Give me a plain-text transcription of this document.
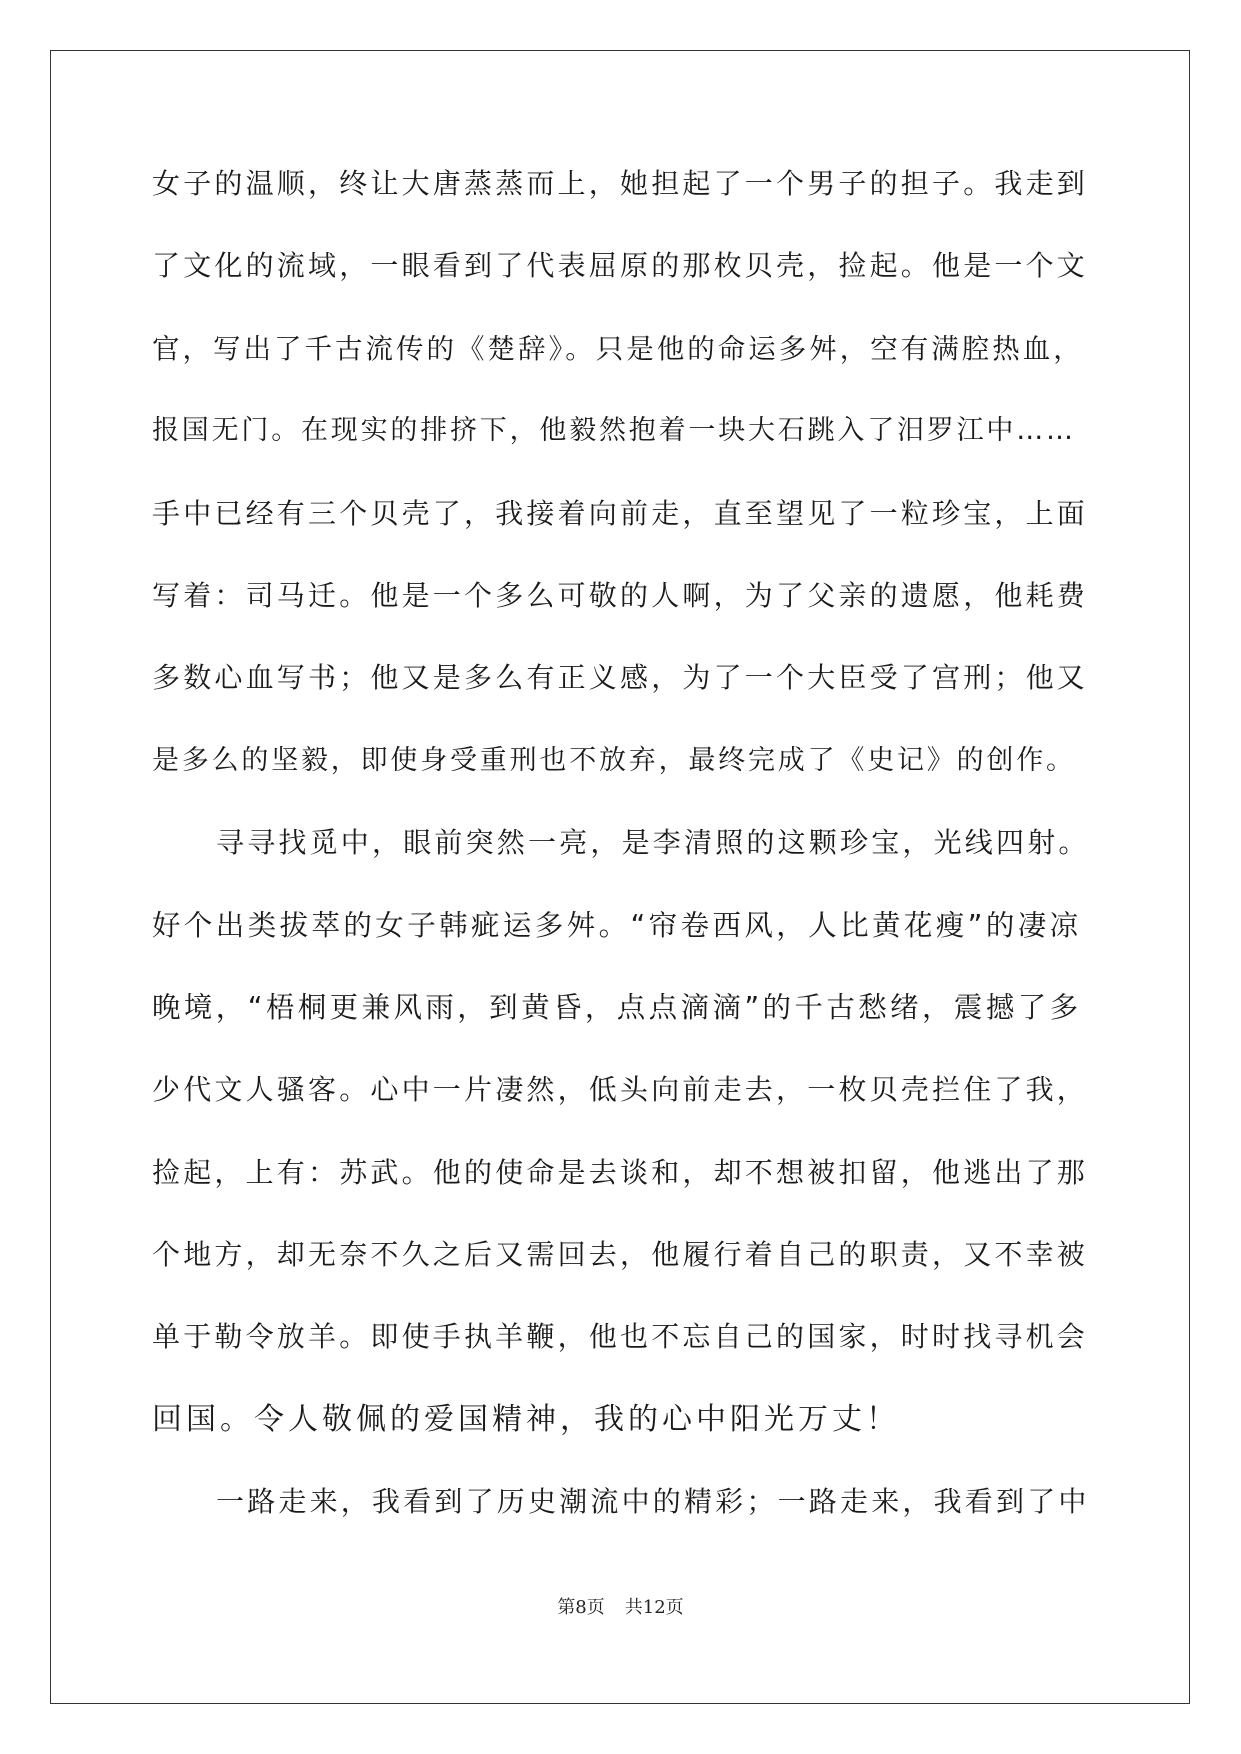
女子的温顺，终让大唐蒸蒸而上，她担起了一个男子的担子。我走到
了文化的流域，一眼看到了代表屈原的那枚贝壳，捡起。他是一个文
官，写出了千古流传的《楚辞》。只是他的命运多舛，空有满腔热血，
报国无门。在现实的排挤下，他毅然抱着一块大石跳入了汨罗江中……
手中已经有三个贝壳了，我接着向前走，直至望见了一粒珍宝，上面
写着：司马迁。他是一个多么可敬的人啊，为了父亲的遗愿，他耗费
多数心血写书；他又是多么有正义感，为了一个大臣受了宫刑；他又
是多么的坚毅，即使身受重刑也不放弃，最终完成了《史记》的创作。
寻寻找觅中，眼前突然一亮，是李清照的这颗珍宝，光线四射。
好个出类拔萃的女子韩疵运多舛。“帘卷西风，人比黄花瘦”的凄凉
晚境，“梧桐更兼风雨，到黄昏，点点滴滴”的千古愁绪，震撼了多
少代文人骚客。心中一片凄然，低头向前走去，一枚贝壳拦住了我，
捡起，上有：苏武。他的使命是去谈和，却不想被扣留，他逃出了那
个地方，却无奈不久之后又需回去，他履行着自己的职责，又不幸被
单于勒令放羊。即使手执羊鞭，他也不忘自己的国家，时时找寻机会
回国。令人敬佩的爱国精神，我的心中阳光万丈！
一路走来，我看到了历史潮流中的精彩；一路走来，我看到了中
第8页 共12页
